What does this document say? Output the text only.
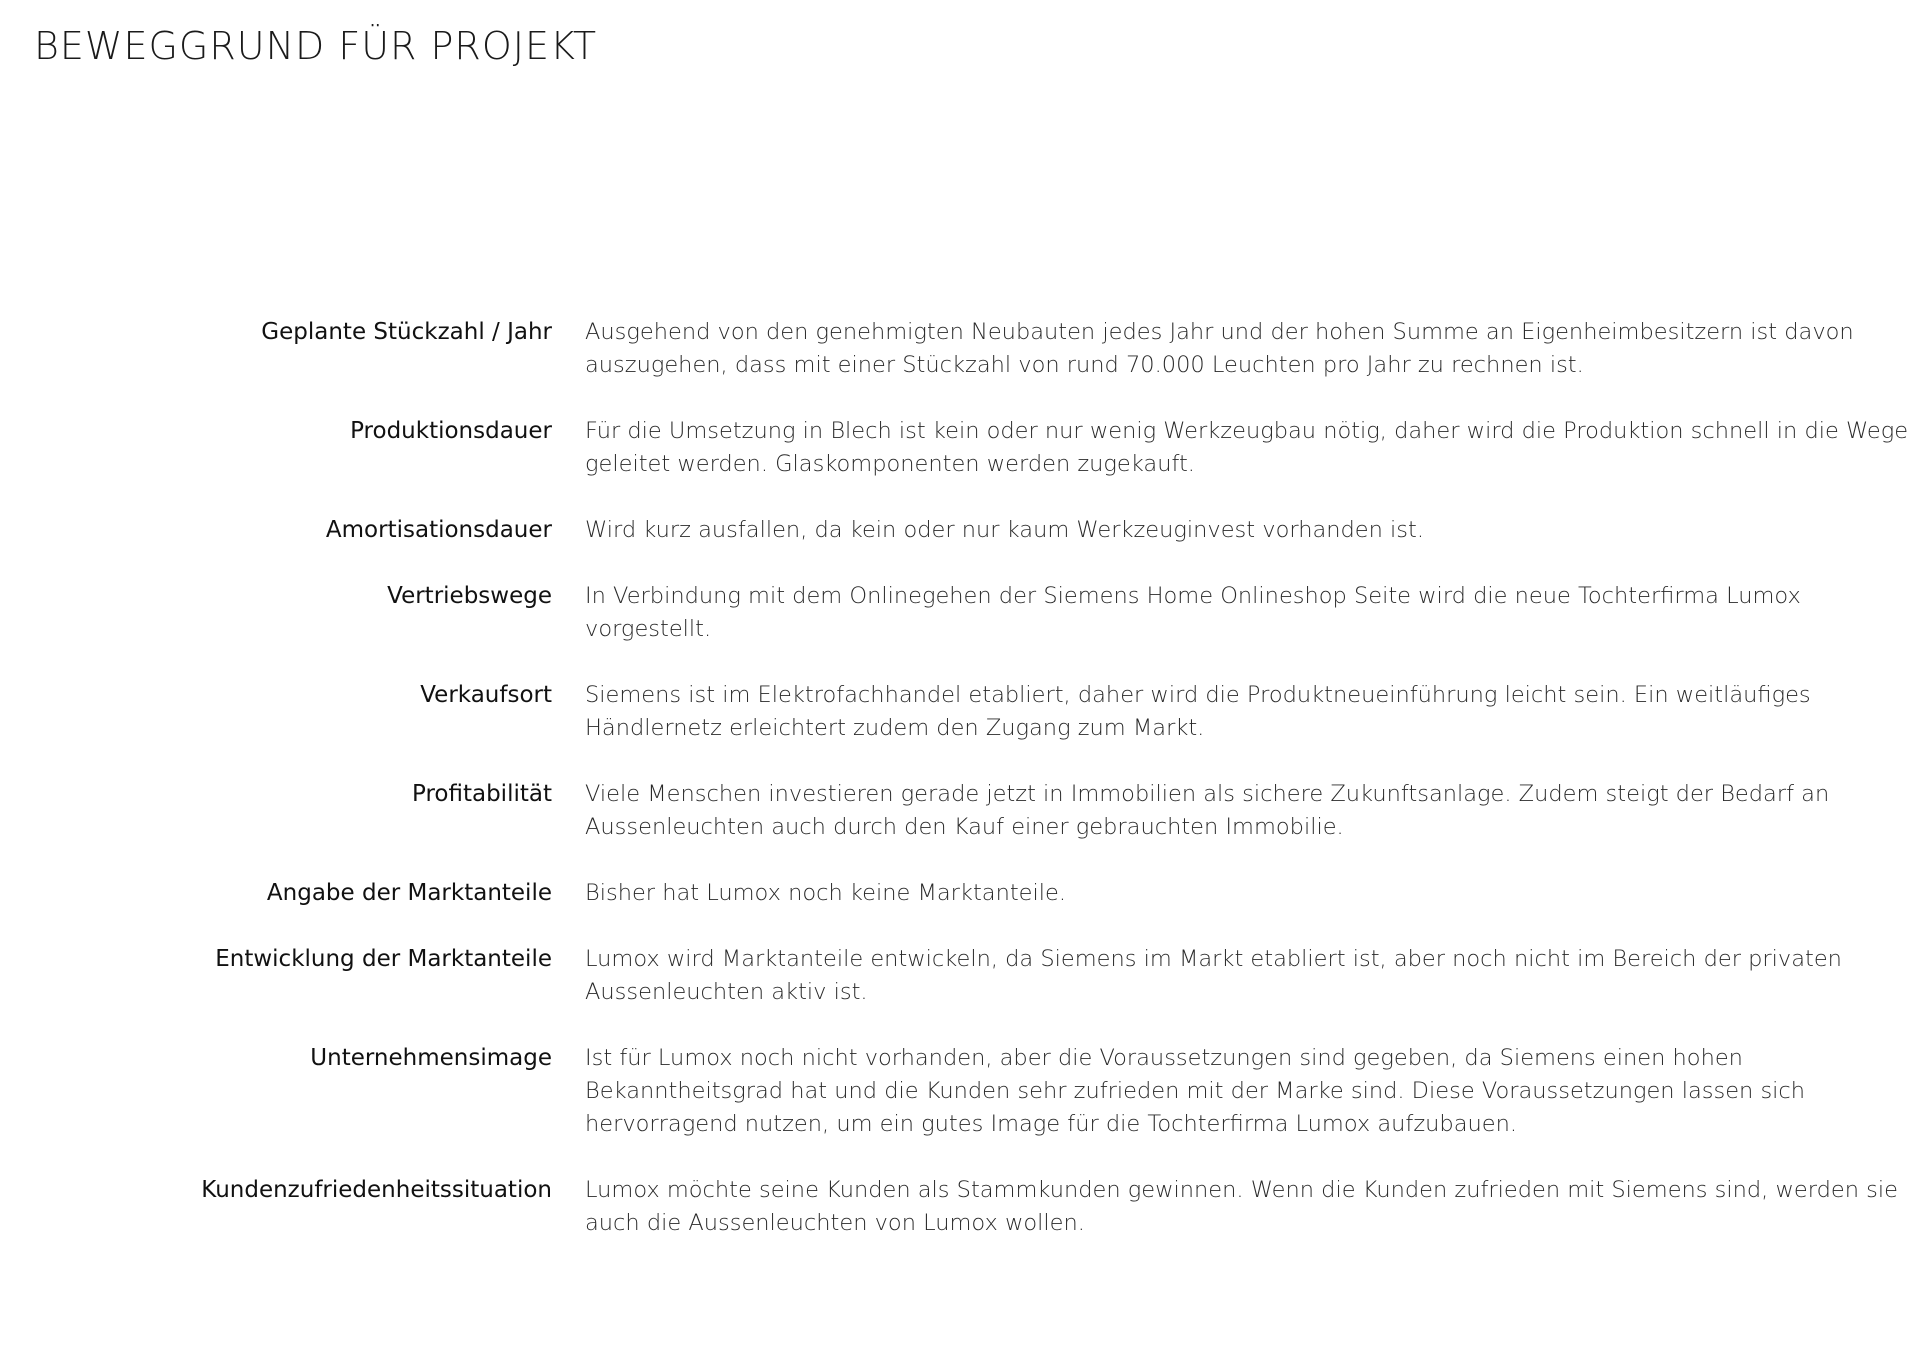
BEWEGGRUND FÜR PROJEKT
Geplante Stückzahl / Jahr Ausgehend von den genehmigten Neubauten jedes Jahr und der hohen Summe an Eigenheimbesitzern ist davon auszugehen, dass mit einer Stückzahl von rund 70.000 Leuchten pro Jahr zu rechnen ist.
Produktionsdauer Für die Umsetzung in Blech ist kein oder nur wenig Werkzeugbau nötig, daher wird die Produktion schnell in die Wege geleitet werden. Glaskomponenten werden zugekauft.
Amortisationsdauer Wird kurz ausfallen, da kein oder nur kaum Werkzeuginvest vorhanden ist.
Vertriebswege In Verbindung mit dem Onlinegehen der Siemens Home Onlineshop Seite wird die neue Tochterfirma Lumox vorgestellt.
Verkaufsort Siemens ist im Elektrofachhandel etabliert, daher wird die Produktneueinführung leicht sein. Ein weitläufiges Händlernetz erleichtert zudem den Zugang zum Markt.
Profitabilität Viele Menschen investieren gerade jetzt in Immobilien als sichere Zukunftsanlage. Zudem steigt der Bedarf an Aussenleuchten auch durch den Kauf einer gebrauchten Immobilie.
Angabe der Marktanteile Bisher hat Lumox noch keine Marktanteile.
Entwicklung der Marktanteile Lumox wird Marktanteile entwickeln, da Siemens im Markt etabliert ist, aber noch nicht im Bereich der privaten Aussenleuchten aktiv ist.
Unternehmensimage Ist für Lumox noch nicht vorhanden, aber die Voraussetzungen sind gegeben, da Siemens einen hohen Bekanntheitsgrad hat und die Kunden sehr zufrieden mit der Marke sind. Diese Voraussetzungen lassen sich hervorragend nutzen, um ein gutes Image für die Tochterfirma Lumox aufzubauen.
Kundenzufriedenheitssituation Lumox möchte seine Kunden als Stammkunden gewinnen. Wenn die Kunden zufrieden mit Siemens sind, werden sie auch die Aussenleuchten von Lumox wollen.
